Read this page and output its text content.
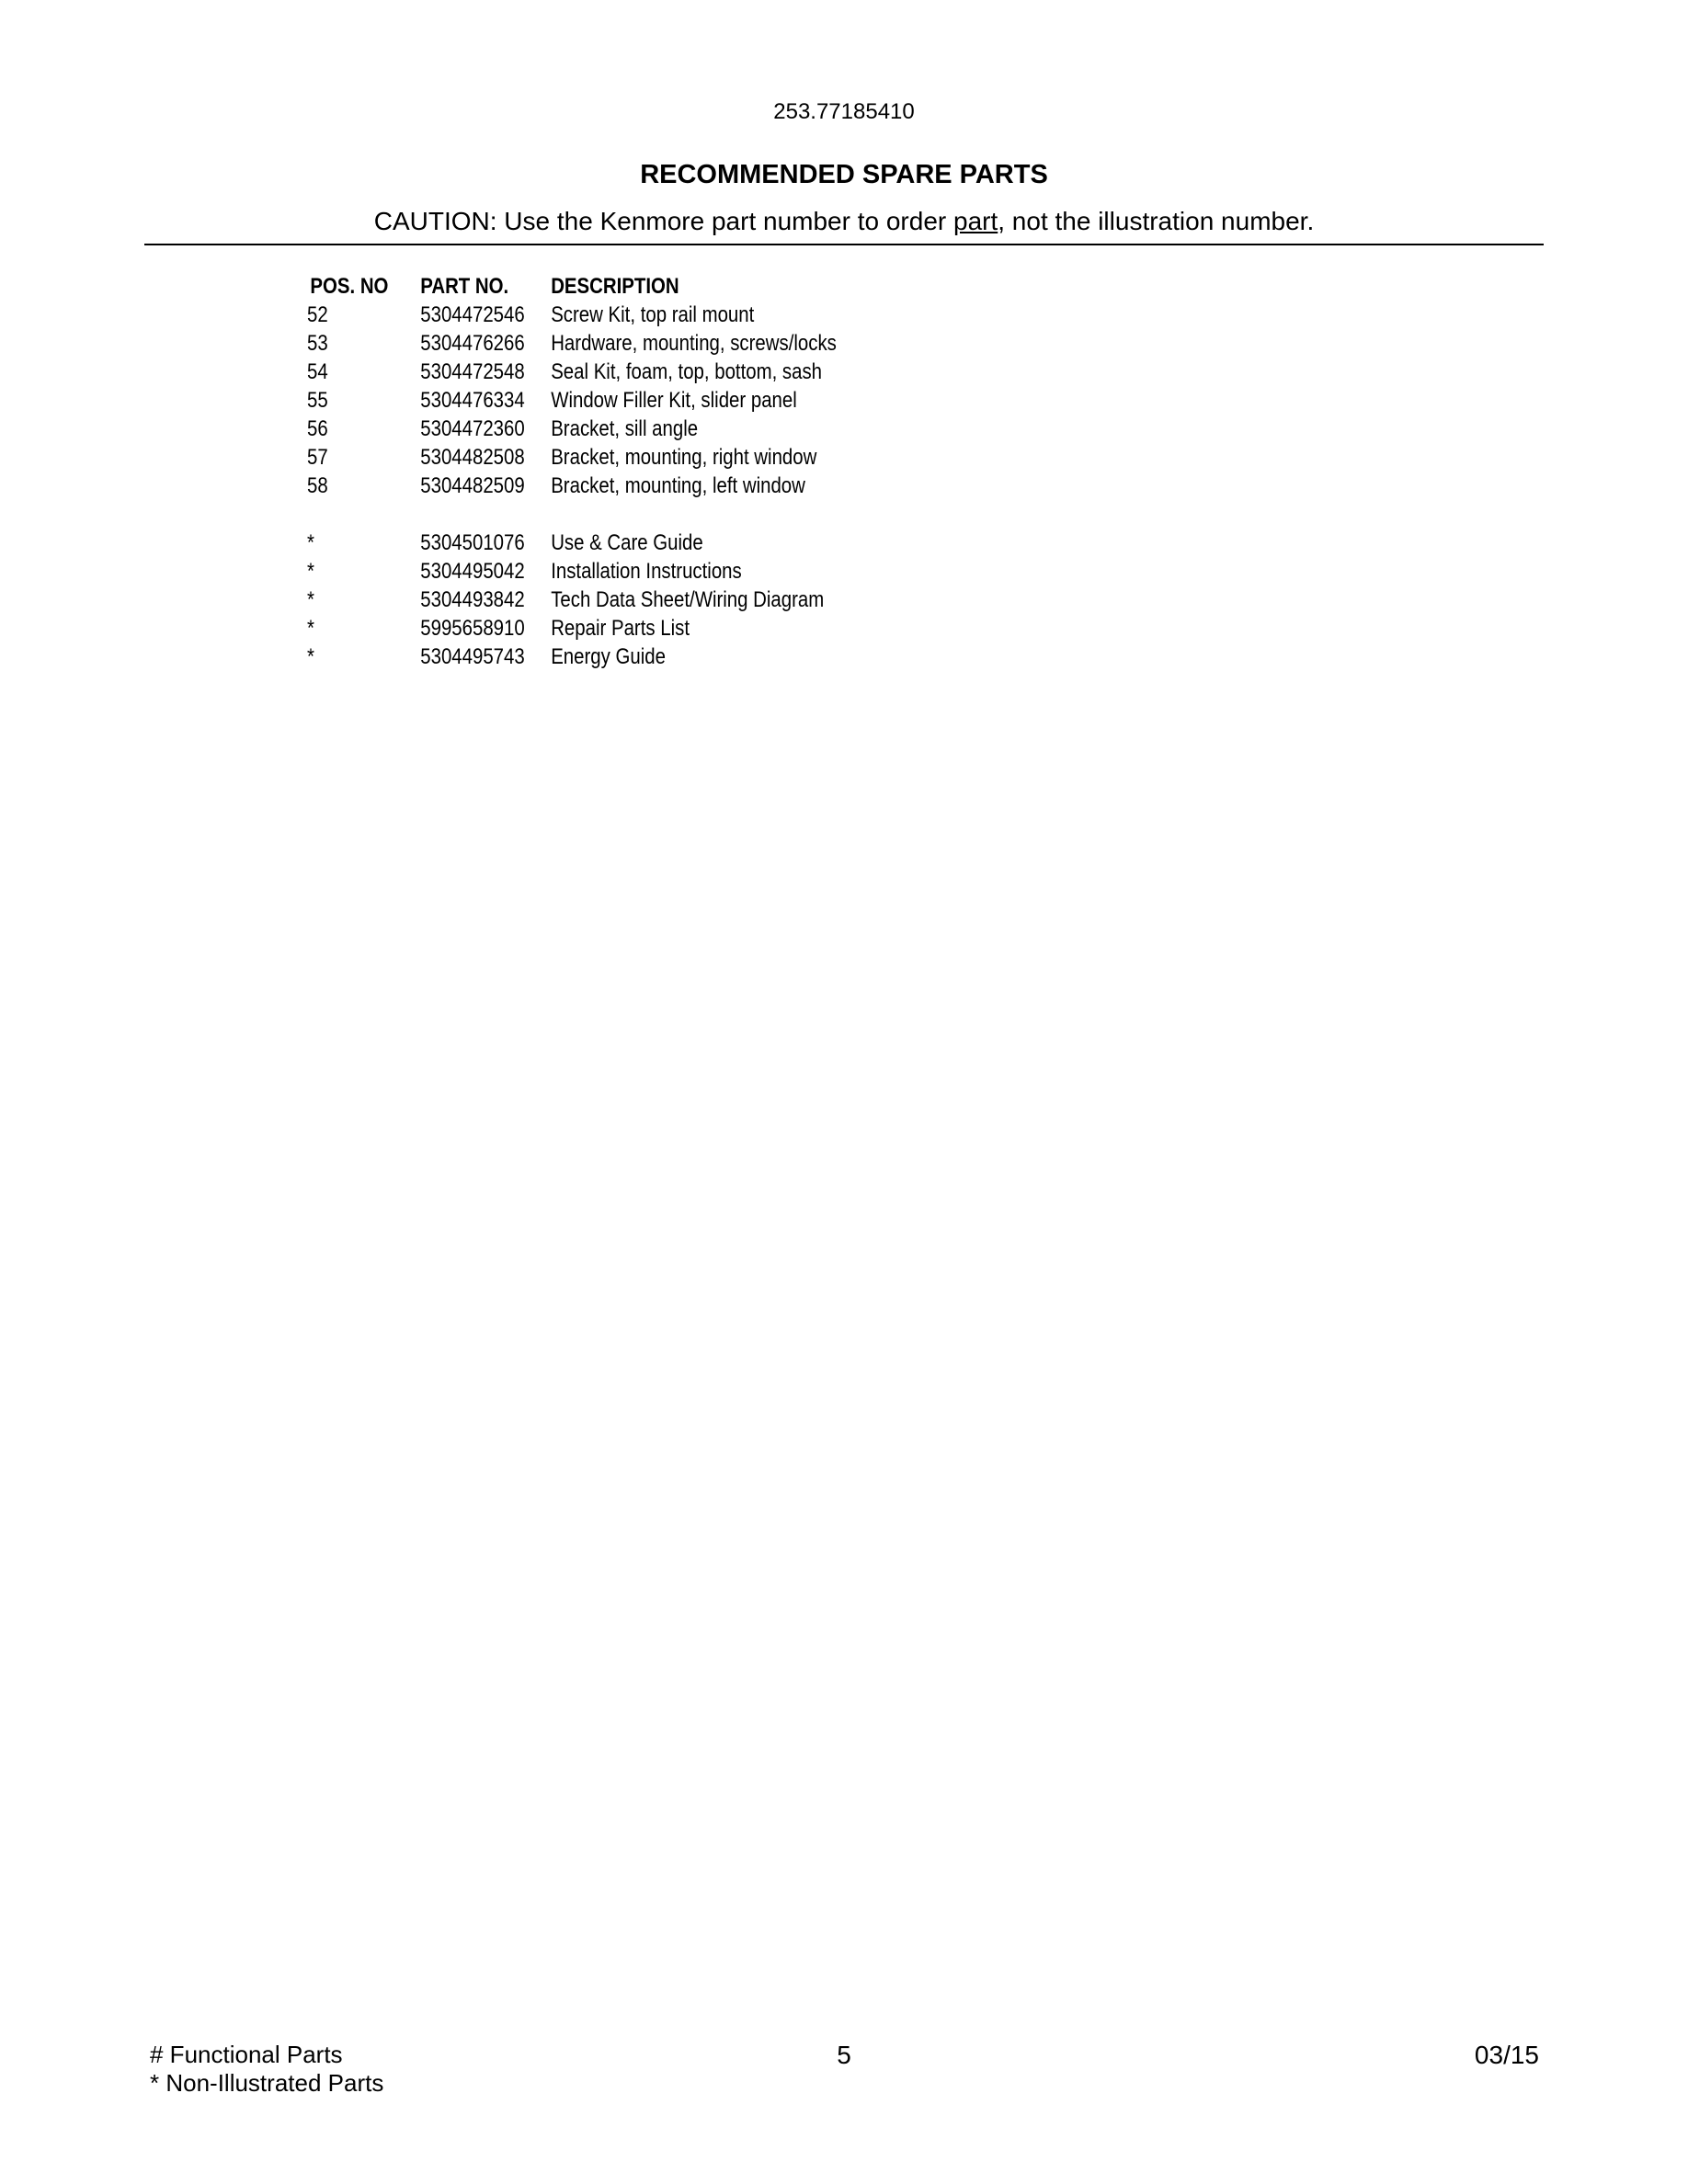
253.77185410
RECOMMENDED SPARE PARTS
CAUTION: Use the Kenmore part number to order part, not the illustration number.
POS. NO	PART NO.	DESCRIPTION
52	5304472546	Screw Kit, top rail mount
53	5304476266	Hardware, mounting, screws/locks
54	5304472548	Seal Kit, foam, top, bottom, sash
55	5304476334	Window Filler Kit, slider panel
56	5304472360	Bracket, sill angle
57	5304482508	Bracket, mounting, right window
58	5304482509	Bracket, mounting, left window
*	5304501076	Use & Care Guide
*	5304495042	Installation Instructions
*	5304493842	Tech Data Sheet/Wiring Diagram
*	5995658910	Repair Parts List
*	5304495743	Energy Guide
# Functional Parts
* Non-Illustrated Parts
5	03/15
